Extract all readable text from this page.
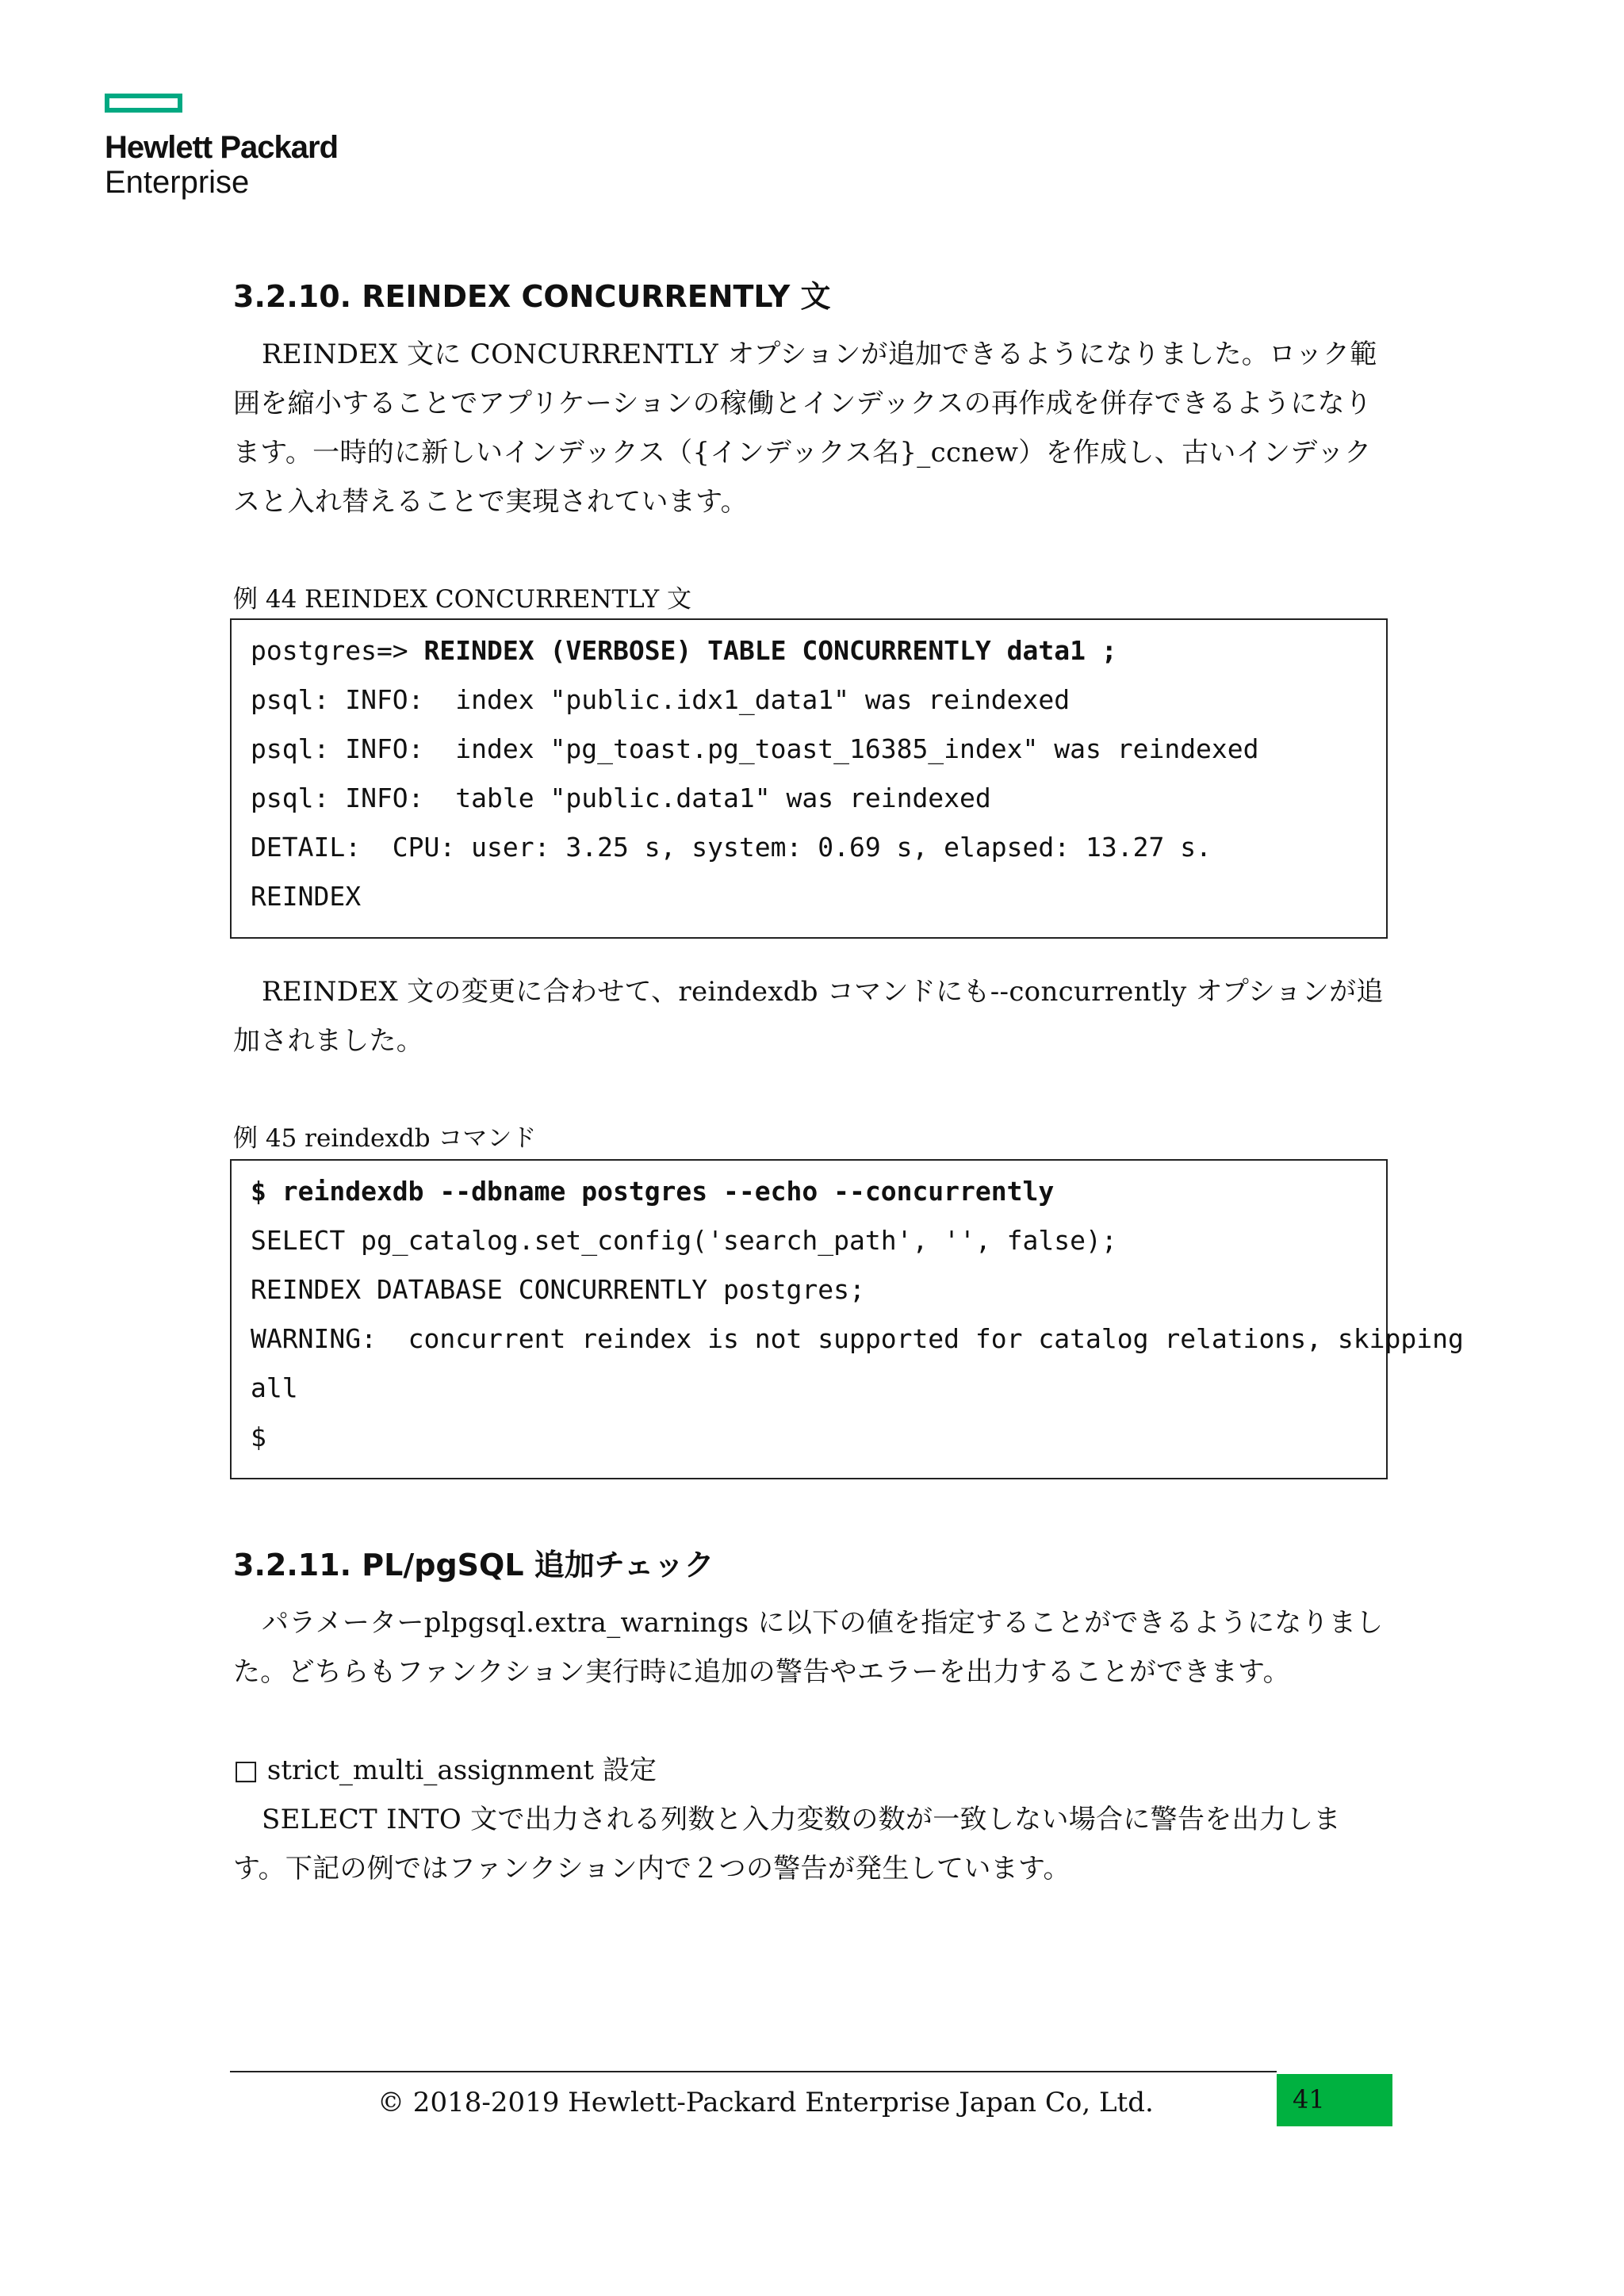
Hewlett Packard
Enterprise
3.2.10. REINDEX CONCURRENTLY 文

REINDEX 文に CONCURRENTLY オプションが追加できるようになりました。ロック範囲を縮小することでアプリケーションの稼働とインデックスの再作成を併存できるようになります。一時的に新しいインデックス（{インデックス名}_ccnew）を作成し、古いインデックスと入れ替えることで実現されています。

例 44 REINDEX CONCURRENTLY 文
postgres=> REINDEX (VERBOSE) TABLE CONCURRENTLY data1 ;
psql: INFO:  index "public.idx1_data1" was reindexed
psql: INFO:  index "pg_toast.pg_toast_16385_index" was reindexed
psql: INFO:  table "public.data1" was reindexed
DETAIL:  CPU: user: 3.25 s, system: 0.69 s, elapsed: 13.27 s.
REINDEX

REINDEX 文の変更に合わせて、reindexdb コマンドにも--concurrently オプションが追加されました。

例 45 reindexdb コマンド
$ reindexdb --dbname postgres --echo --concurrently
SELECT pg_catalog.set_config('search_path', '', false);
REINDEX DATABASE CONCURRENTLY postgres;
WARNING:  concurrent reindex is not supported for catalog relations, skipping
all
$
3.2.11. PL/pgSQL 追加チェック

パラメーターplpgsql.extra_warnings に以下の値を指定することができるようになりました。どちらもファンクション実行時に追加の警告やエラーを出力することができます。

□ strict_multi_assignment 設定

SELECT INTO 文で出力される列数と入力変数の数が一致しない場合に警告を出力します。下記の例ではファンクション内で２つの警告が発生しています。

© 2018-2019 Hewlett-Packard Enterprise Japan Co, Ltd.	41
